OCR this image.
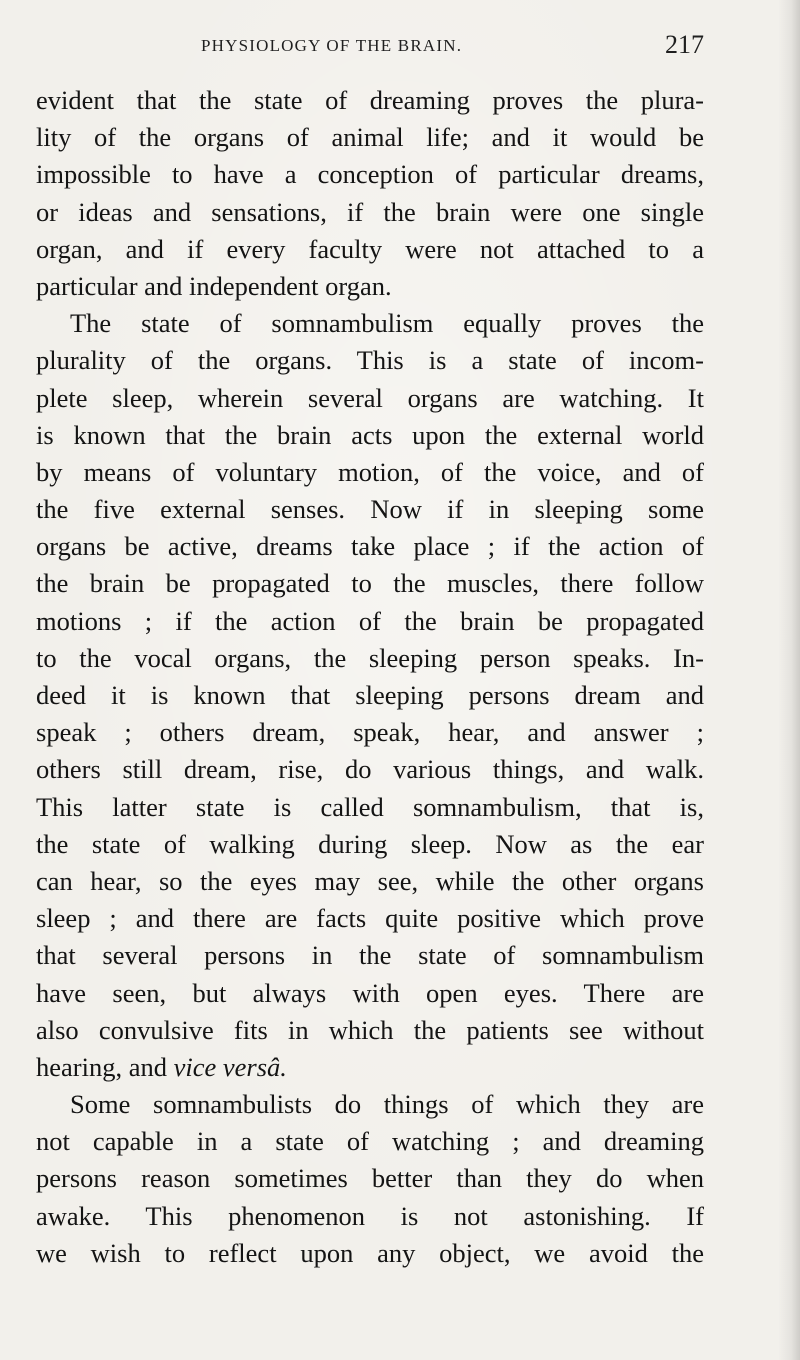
PHYSIOLOGY OF THE BRAIN.	217
evident that the state of dreaming proves the plura-
lity of the organs of animal life; and it would be
impossible to have a conception of particular dreams,
or ideas and sensations, if the brain were one single
organ, and if every faculty were not attached to a
particular and independent organ.
The state of somnambulism equally proves the
plurality of the organs. This is a state of incom-
plete sleep, wherein several organs are watching. It
is known that the brain acts upon the external world
by means of voluntary motion, of the voice, and of
the five external senses. Now if in sleeping some
organs be active, dreams take place ; if the action of
the brain be propagated to the muscles, there follow
motions ; if the action of the brain be propagated
to the vocal organs, the sleeping person speaks. In-
deed it is known that sleeping persons dream and
speak ; others dream, speak, hear, and answer ;
others still dream, rise, do various things, and walk.
This latter state is called somnambulism, that is,
the state of walking during sleep. Now as the ear
can hear, so the eyes may see, while the other organs
sleep ; and there are facts quite positive which prove
that several persons in the state of somnambulism
have seen, but always with open eyes. There are
also convulsive fits in which the patients see without
hearing, and vice versâ.
Some somnambulists do things of which they are
not capable in a state of watching ; and dreaming
persons reason sometimes better than they do when
awake. This phenomenon is not astonishing. If
we wish to reflect upon any object, we avoid the
